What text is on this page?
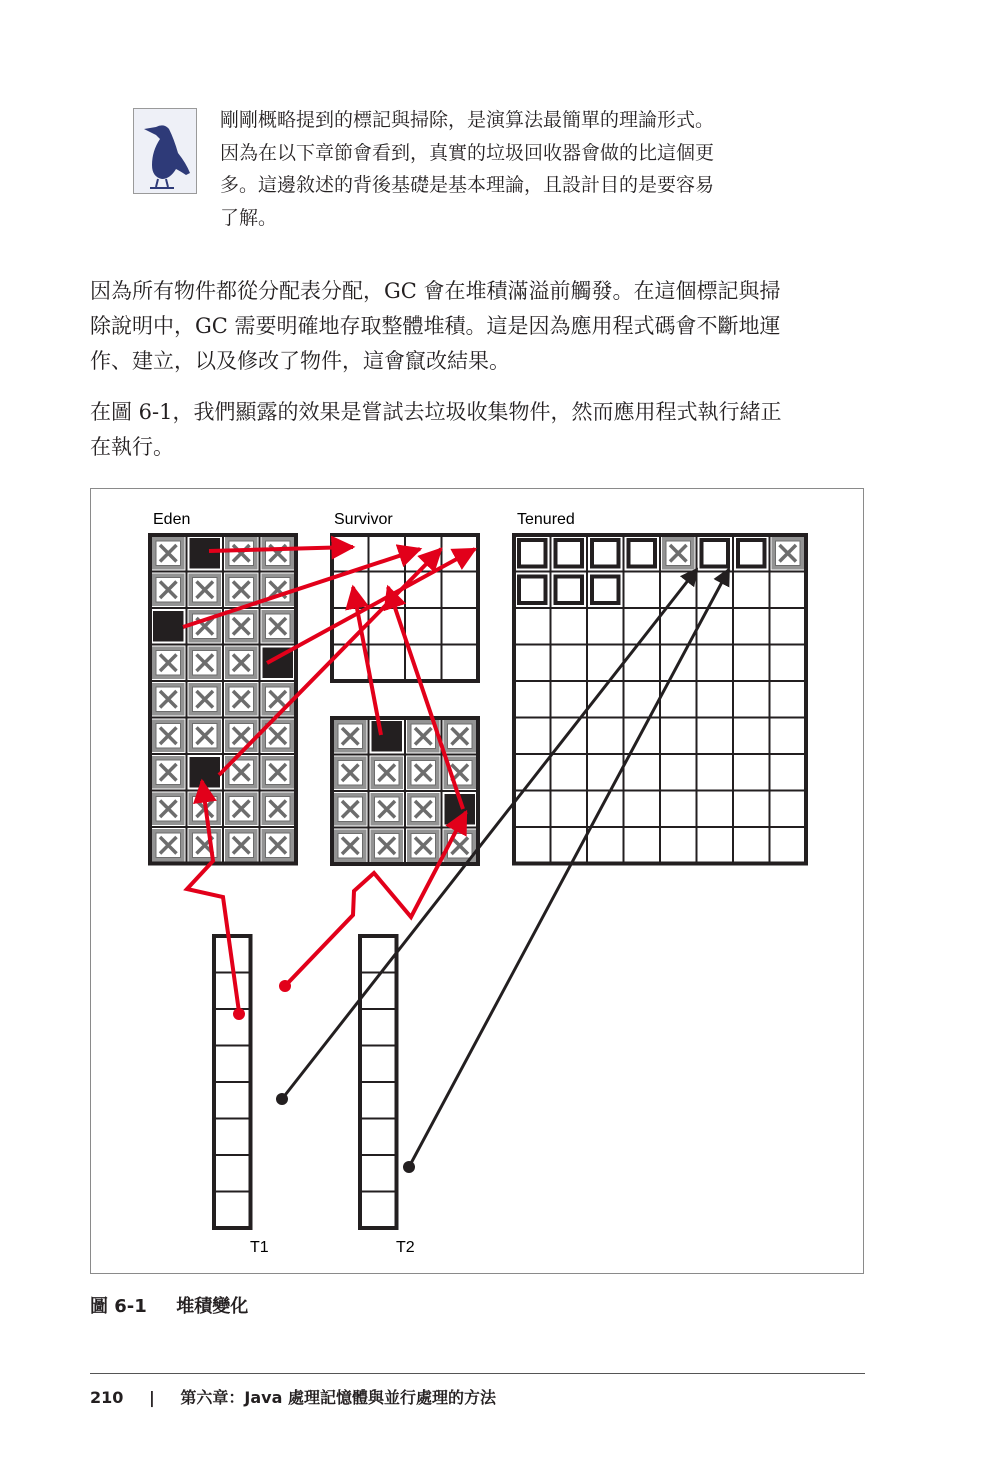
剛剛概略提到的標記與掃除，是演算法最簡單的理論形式。

因為在以下章節會看到，真實的垃圾回收器會做的比這個更

多。這邊敘述的背後基礎是基本理論，且設計目的是要容易

了解。

因為所有物件都從分配表分配，GC 會在堆積滿溢前觸發。在這個標記與掃

除說明中，GC 需要明確地存取整體堆積。這是因為應用程式碼會不斷地運

作、建立，以及修改了物件，這會竄改結果。

在圖 6-1，我們顯露的效果是嘗試去垃圾收集物件，然而應用程式執行緒正

在執行。

Eden	Survivor	Tenured
T1	T2
圖 6-1 堆積變化
210 | 第六章：Java 處理記憶體與並行處理的方法
